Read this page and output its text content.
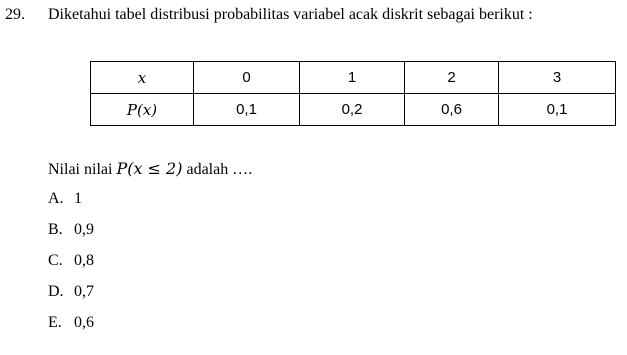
29. Diketahui tabel distribusi probabilitas variabel acak diskrit sebagai berikut :
x	0	1	2	3
P(x)	0,1	0,2	0,6	0,1
Nilai nilai P(x ≤ 2) adalah ….
A. 1
B. 0,9
C. 0,8
D. 0,7
E. 0,6
